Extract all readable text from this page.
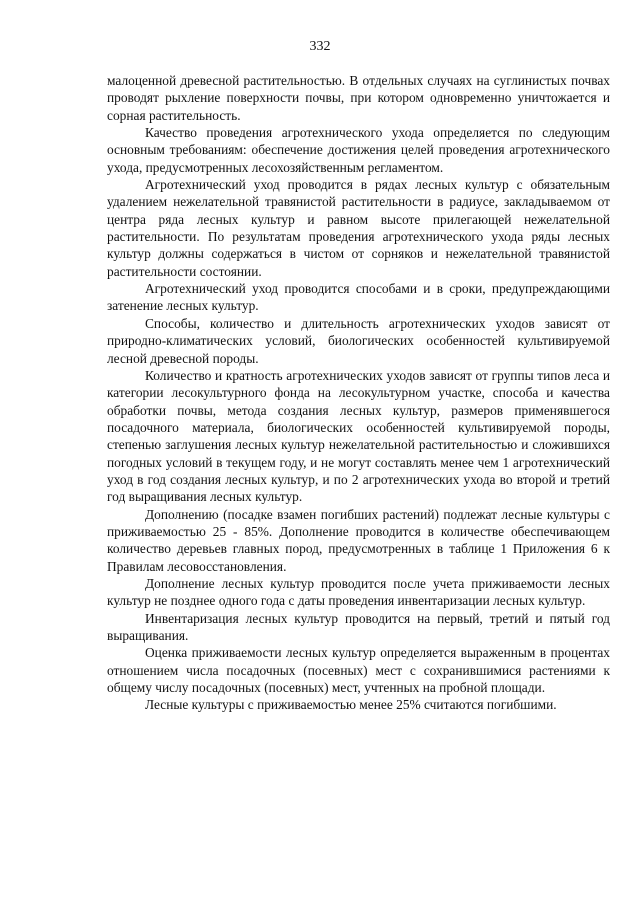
332

малоценной древесной растительностью. В отдельных случаях на суглинистых почвах проводят рыхление поверхности почвы, при котором одновременно уничтожается и сорная растительность.

Качество проведения агротехнического ухода определяется по следующим основным требованиям: обеспечение достижения целей проведения агротехнического ухода, предусмотренных лесохозяйственным регламентом.

Агротехнический уход проводится в рядах лесных культур с обязательным удалением нежелательной травянистой растительности в радиусе, закладываемом от центра ряда лесных культур и равном высоте прилегающей нежелательной растительности. По результатам проведения агротехнического ухода ряды лесных культур должны содержаться в чистом от сорняков и нежелательной травянистой растительности состоянии.

Агротехнический уход проводится способами и в сроки, предупреждающими затенение лесных культур.

Способы, количество и длительность агротехнических уходов зависят от природно-климатических условий, биологических особенностей культивируемой лесной древесной породы.

Количество и кратность агротехнических уходов зависят от группы типов леса и категории лесокультурного фонда на лесокультурном участке, способа и качества обработки почвы, метода создания лесных культур, размеров применявшегося посадочного материала, биологических особенностей культивируемой породы, степенью заглушения лесных культур нежелательной растительностью и сложившихся погодных условий в текущем году, и не могут составлять менее чем 1 агротехнический уход в год создания лесных культур, и по 2 агротехнических ухода во второй и третий год выращивания лесных культур.

Дополнению (посадке взамен погибших растений) подлежат лесные культуры с приживаемостью 25 - 85%. Дополнение проводится в количестве обеспечивающем количество деревьев главных пород, предусмотренных в таблице 1 Приложения 6 к Правилам лесовосстановления.

Дополнение лесных культур проводится после учета приживаемости лесных культур не позднее одного года с даты проведения инвентаризации лесных культур.

Инвентаризация лесных культур проводится на первый, третий и пятый год выращивания.

Оценка приживаемости лесных культур определяется выраженным в процентах отношением числа посадочных (посевных) мест с сохранившимися растениями к общему числу посадочных (посевных) мест, учтенных на пробной площади.

Лесные культуры с приживаемостью менее 25% считаются погибшими.
